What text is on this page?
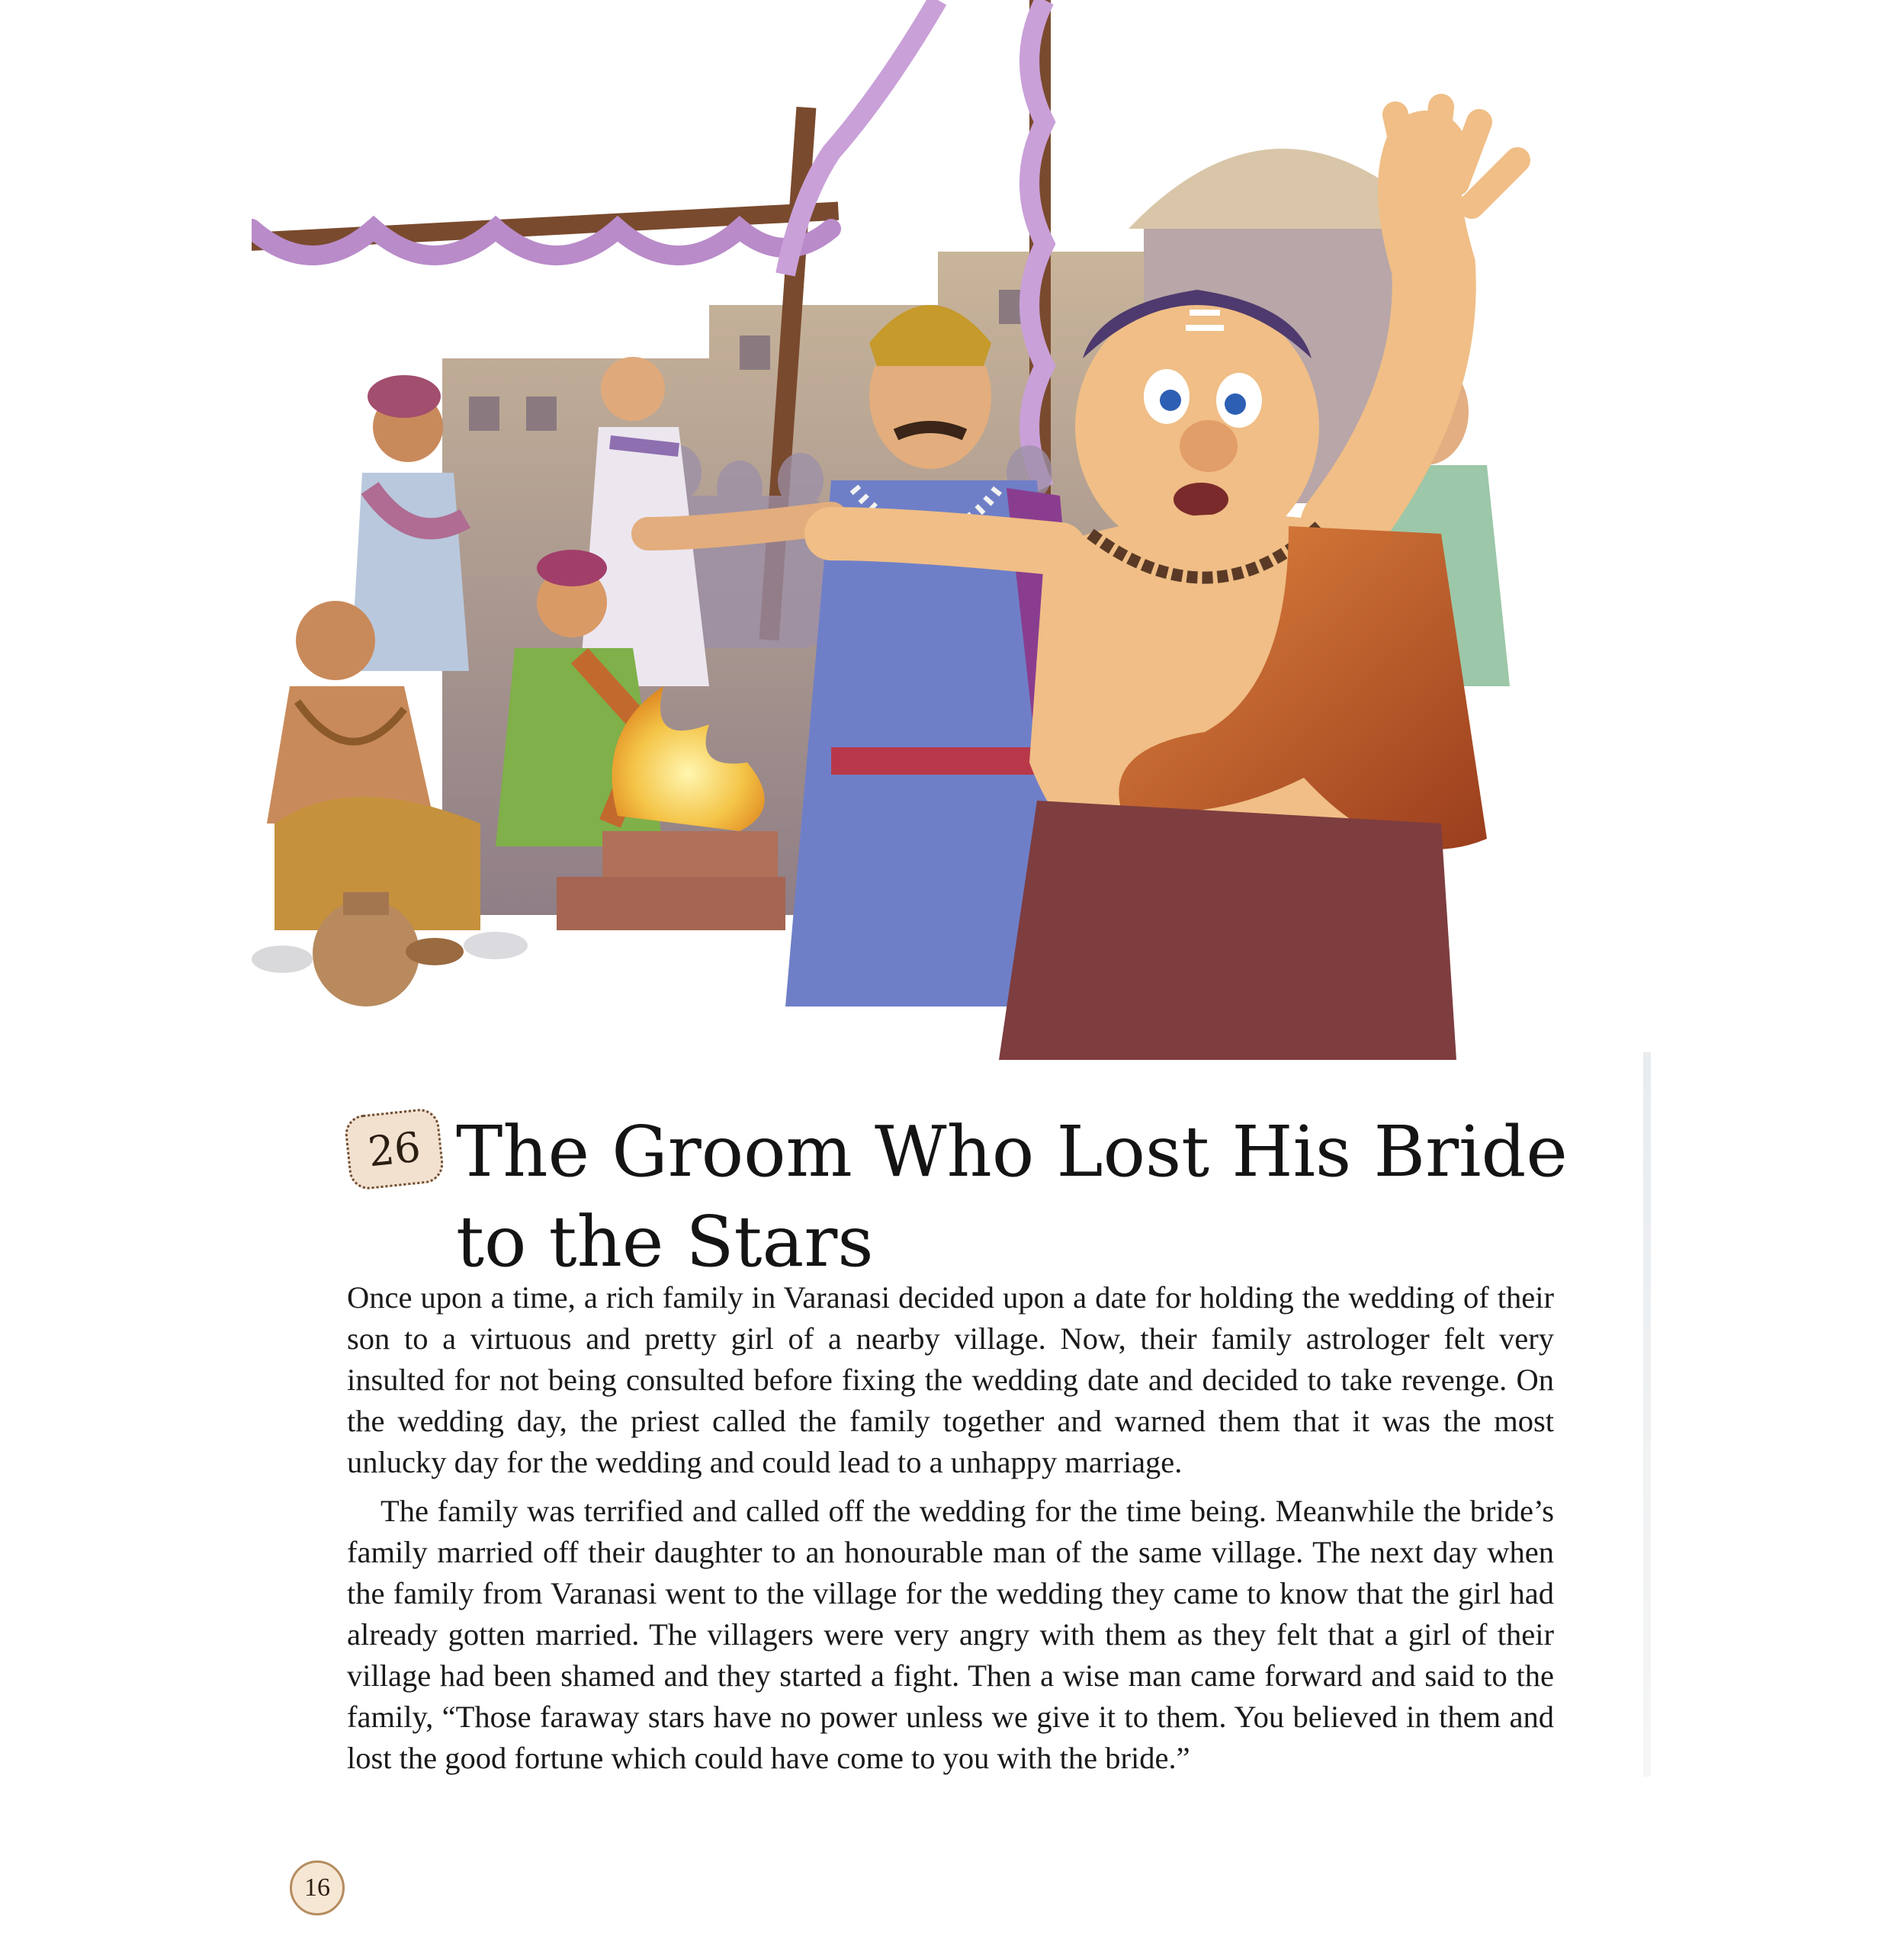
26 The Groom Who Lost His Bride
to the Stars

Once upon a time, a rich family in Varanasi decided upon a date for holding the wedding of their son to a virtuous and pretty girl of a nearby village. Now, their family astrologer felt very insulted for not being consulted before fixing the wedding date and decided to take revenge. On the wedding day, the priest called the family together and warned them that it was the most unlucky day for the wedding and could lead to a unhappy marriage.

The family was terrified and called off the wedding for the time being. Meanwhile the bride’s family married off their daughter to an honourable man of the same village. The next day when the family from Varanasi went to the village for the wedding they came to know that the girl had already gotten married. The villagers were very angry with them as they felt that a girl of their village had been shamed and they started a fight. Then a wise man came forward and said to the family, “Those faraway stars have no power unless we give it to them. You believed in them and lost the good fortune which could have come to you with the bride.”

16
